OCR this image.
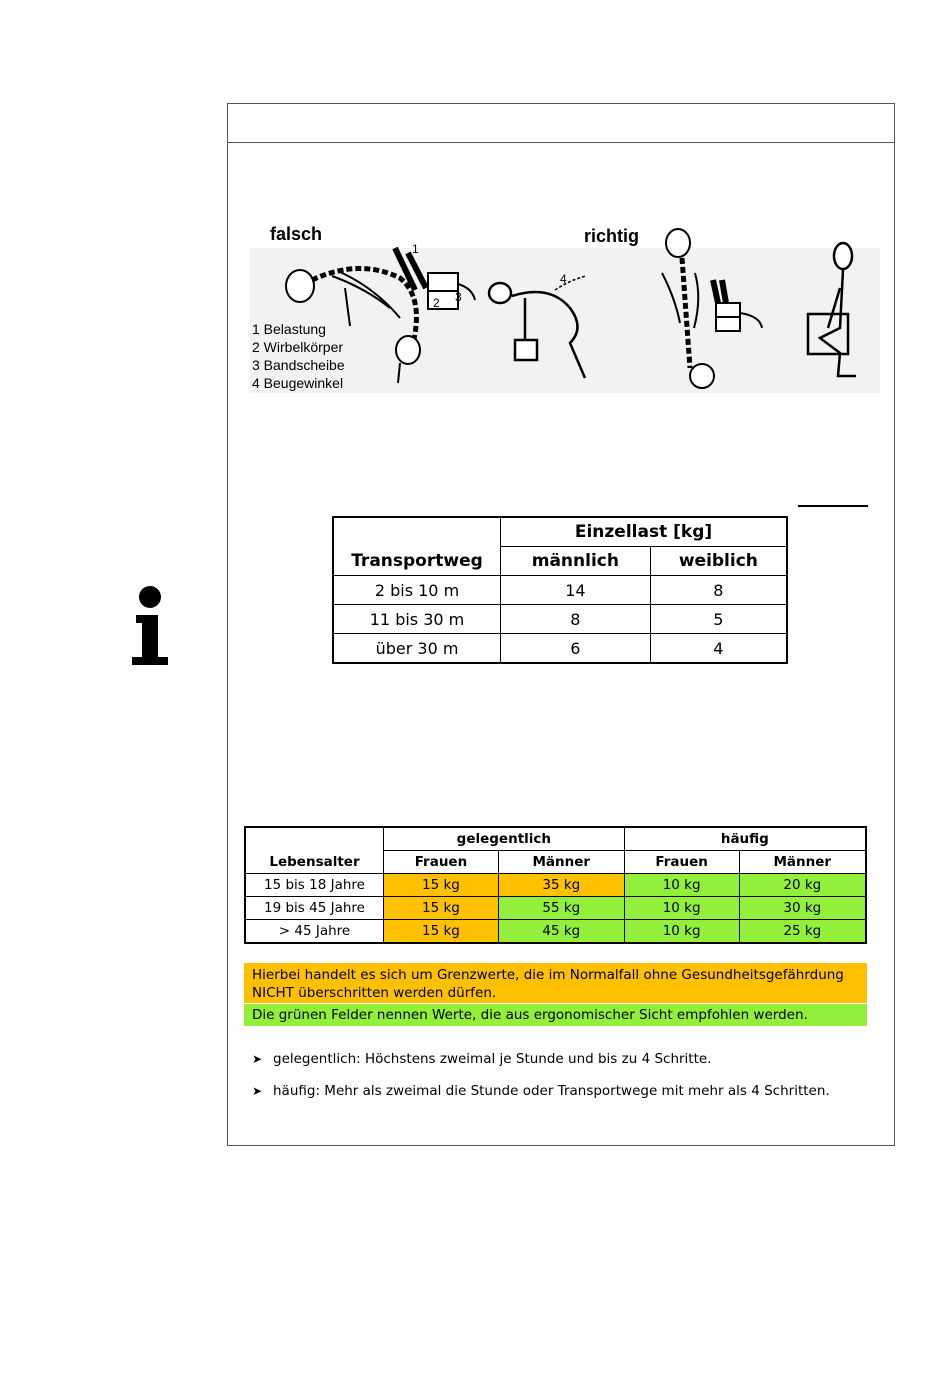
falsch	richtig
1 Belastung
2 Wirbelkörper
3 Bandscheibe
4 Beugewinkel
1
2 3
4
Transportweg	Einzellast [kg]	
	männlich	weiblich
2 bis 10 m	14	8
11 bis 30 m	8	5
über 30 m	6	4
Lebensalter	gelegentlich		häufig	
	Frauen	Männer	Frauen	Männer
15 bis 18 Jahre	15 kg	35 kg	10 kg	20 kg
19 bis 45 Jahre	15 kg	55 kg	10 kg	30 kg
> 45 Jahre	15 kg	45 kg	10 kg	25 kg
Hierbei handelt es sich um Grenzwerte, die im Normalfall ohne Gesundheitsgefährdung NICHT überschritten werden dürfen.
Die grünen Felder nennen Werte, die aus ergonomischer Sicht empfohlen werden.
➤ gelegentlich: Höchstens zweimal je Stunde und bis zu 4 Schritte.
➤ häufig: Mehr als zweimal die Stunde oder Transportwege mit mehr als 4 Schritten.
